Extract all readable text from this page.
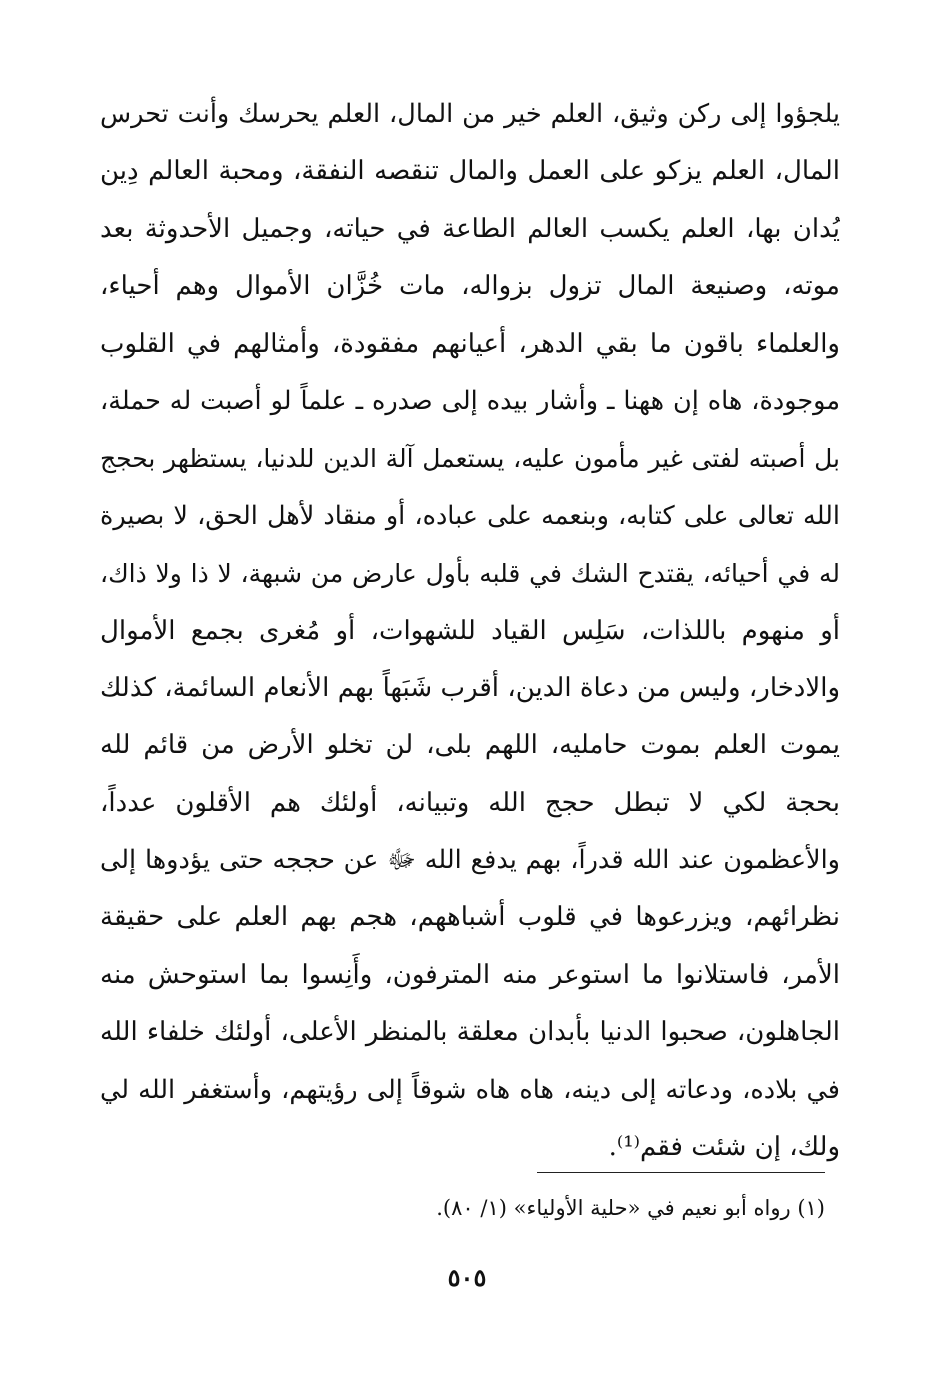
يلجؤوا إلى ركن وثيق، العلم خير من المال، العلم يحرسك وأنت تحرس
المال، العلم يزكو على العمل والمال تنقصه النفقة، ومحبة العالم دِين
يُدان بها، العلم يكسب العالم الطاعة في حياته، وجميل الأحدوثة بعد
موته، وصنيعة المال تزول بزواله، مات خُزَّان الأموال وهم أحياء،
والعلماء باقون ما بقي الدهر، أعيانهم مفقودة، وأمثالهم في القلوب
موجودة، هاه إن ههنا ـ وأشار بيده إلى صدره ـ علماً لو أصبت له حملة،
بل أصبته لفتى غير مأمون عليه، يستعمل آلة الدين للدنيا، يستظهر بحجج
الله تعالى على كتابه، وبنعمه على عباده، أو منقاد لأهل الحق، لا بصيرة
له في أحيائه، يقتدح الشك في قلبه بأول عارض من شبهة، لا ذا ولا ذاك،
أو منهوم باللذات، سَلِس القياد للشهوات، أو مُغرى بجمع الأموال
والادخار، وليس من دعاة الدين، أقرب شَبَهاً بهم الأنعام السائمة، كذلك
يموت العلم بموت حامليه، اللهم بلى، لن تخلو الأرض من قائم لله
بحجة لكي لا تبطل حجج الله وتبيانه، أولئك هم الأقلون عدداً،
والأعظمون عند الله قدراً، بهم يدفع الله ﷻ عن حججه حتى يؤدوها إلى
نظرائهم، ويزرعوها في قلوب أشباههم، هجم بهم العلم على حقيقة
الأمر، فاستلانوا ما استوعر منه المترفون، وأَنِسوا بما استوحش منه
الجاهلون، صحبوا الدنيا بأبدان معلقة بالمنظر الأعلى، أولئك خلفاء الله
في بلاده، ودعاته إلى دينه، هاه هاه شوقاً إلى رؤيتهم، وأستغفر الله لي
ولك، إن شئت فقم⁽¹⁾.
(١) رواه أبو نعيم في «حلية الأولياء» (١/ ٨٠).
٥٠٥
